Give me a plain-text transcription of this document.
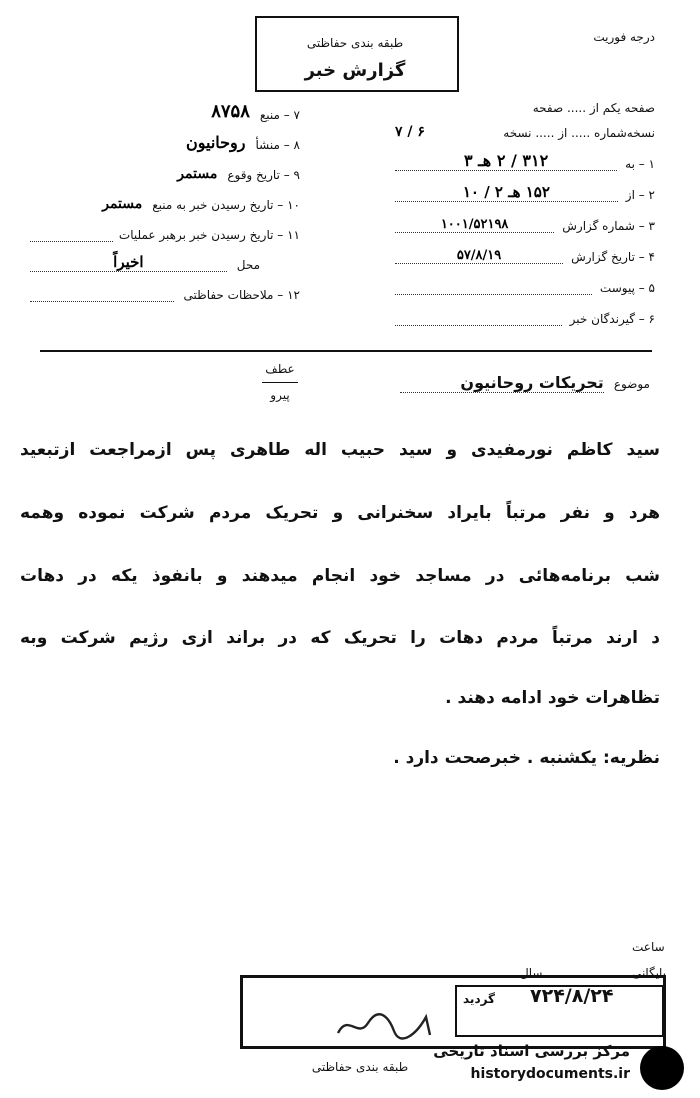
طبقه بندی حفاظتی
گزارش خبر
درجه فوریت
۷ – منبع
۸۷۵۸
۸ – منشأ
روحانیون
۹ – تاریخ وقوع
مستمر
۱۰ – تاریخ رسیدن خبر به منبع
مستمر
۱۱ – تاریخ رسیدن خبر برهبر عملیات
محل
اخیراً
۱۲ – ملاحظات حفاظتی
صفحه یکم از ..... صفحه
نسخه‌شماره ..... از ..... نسخه
۶ / ۷
۱ – به
۳۱۲ / ۲ هـ ۳
۲ – از
۱۵۲ هـ ۲ / ۱۰
۳ – شماره گزارش
۱۰۰۱/۵۲۱۹۸
۴ – تاریخ گزارش
۵۷/۸/۱۹
۵ – پیوست
۶ – گیرندگان خبر
عطف
پیرو
موضوع
تحریکات روحانیون
سید کاظم نورمفیدی و سید حبیب اله طاهری پس ازمراجعت ازتبعید
هرد و نفر مرتباً بایراد سخنرانی و تحریک مردم شرکت نموده وهمه
شب برنامه‌هائی در مساجد خود انجام میدهند و بانفوذ یکه در دهات
د ارند مرتباً مردم دهات را تحریک که در براند ازی رژیم شرکت وبه
تظاهرات خود ادامه دهند .
نظریه: یکشنبه . خبرصحت دارد .
ساعت
سال	بایگانی
۷۲۴/۸/۲۴
گردید
طبقه بندی حفاظتی
مرکز بررسی اسناد تاریخی
historydocuments.ir
